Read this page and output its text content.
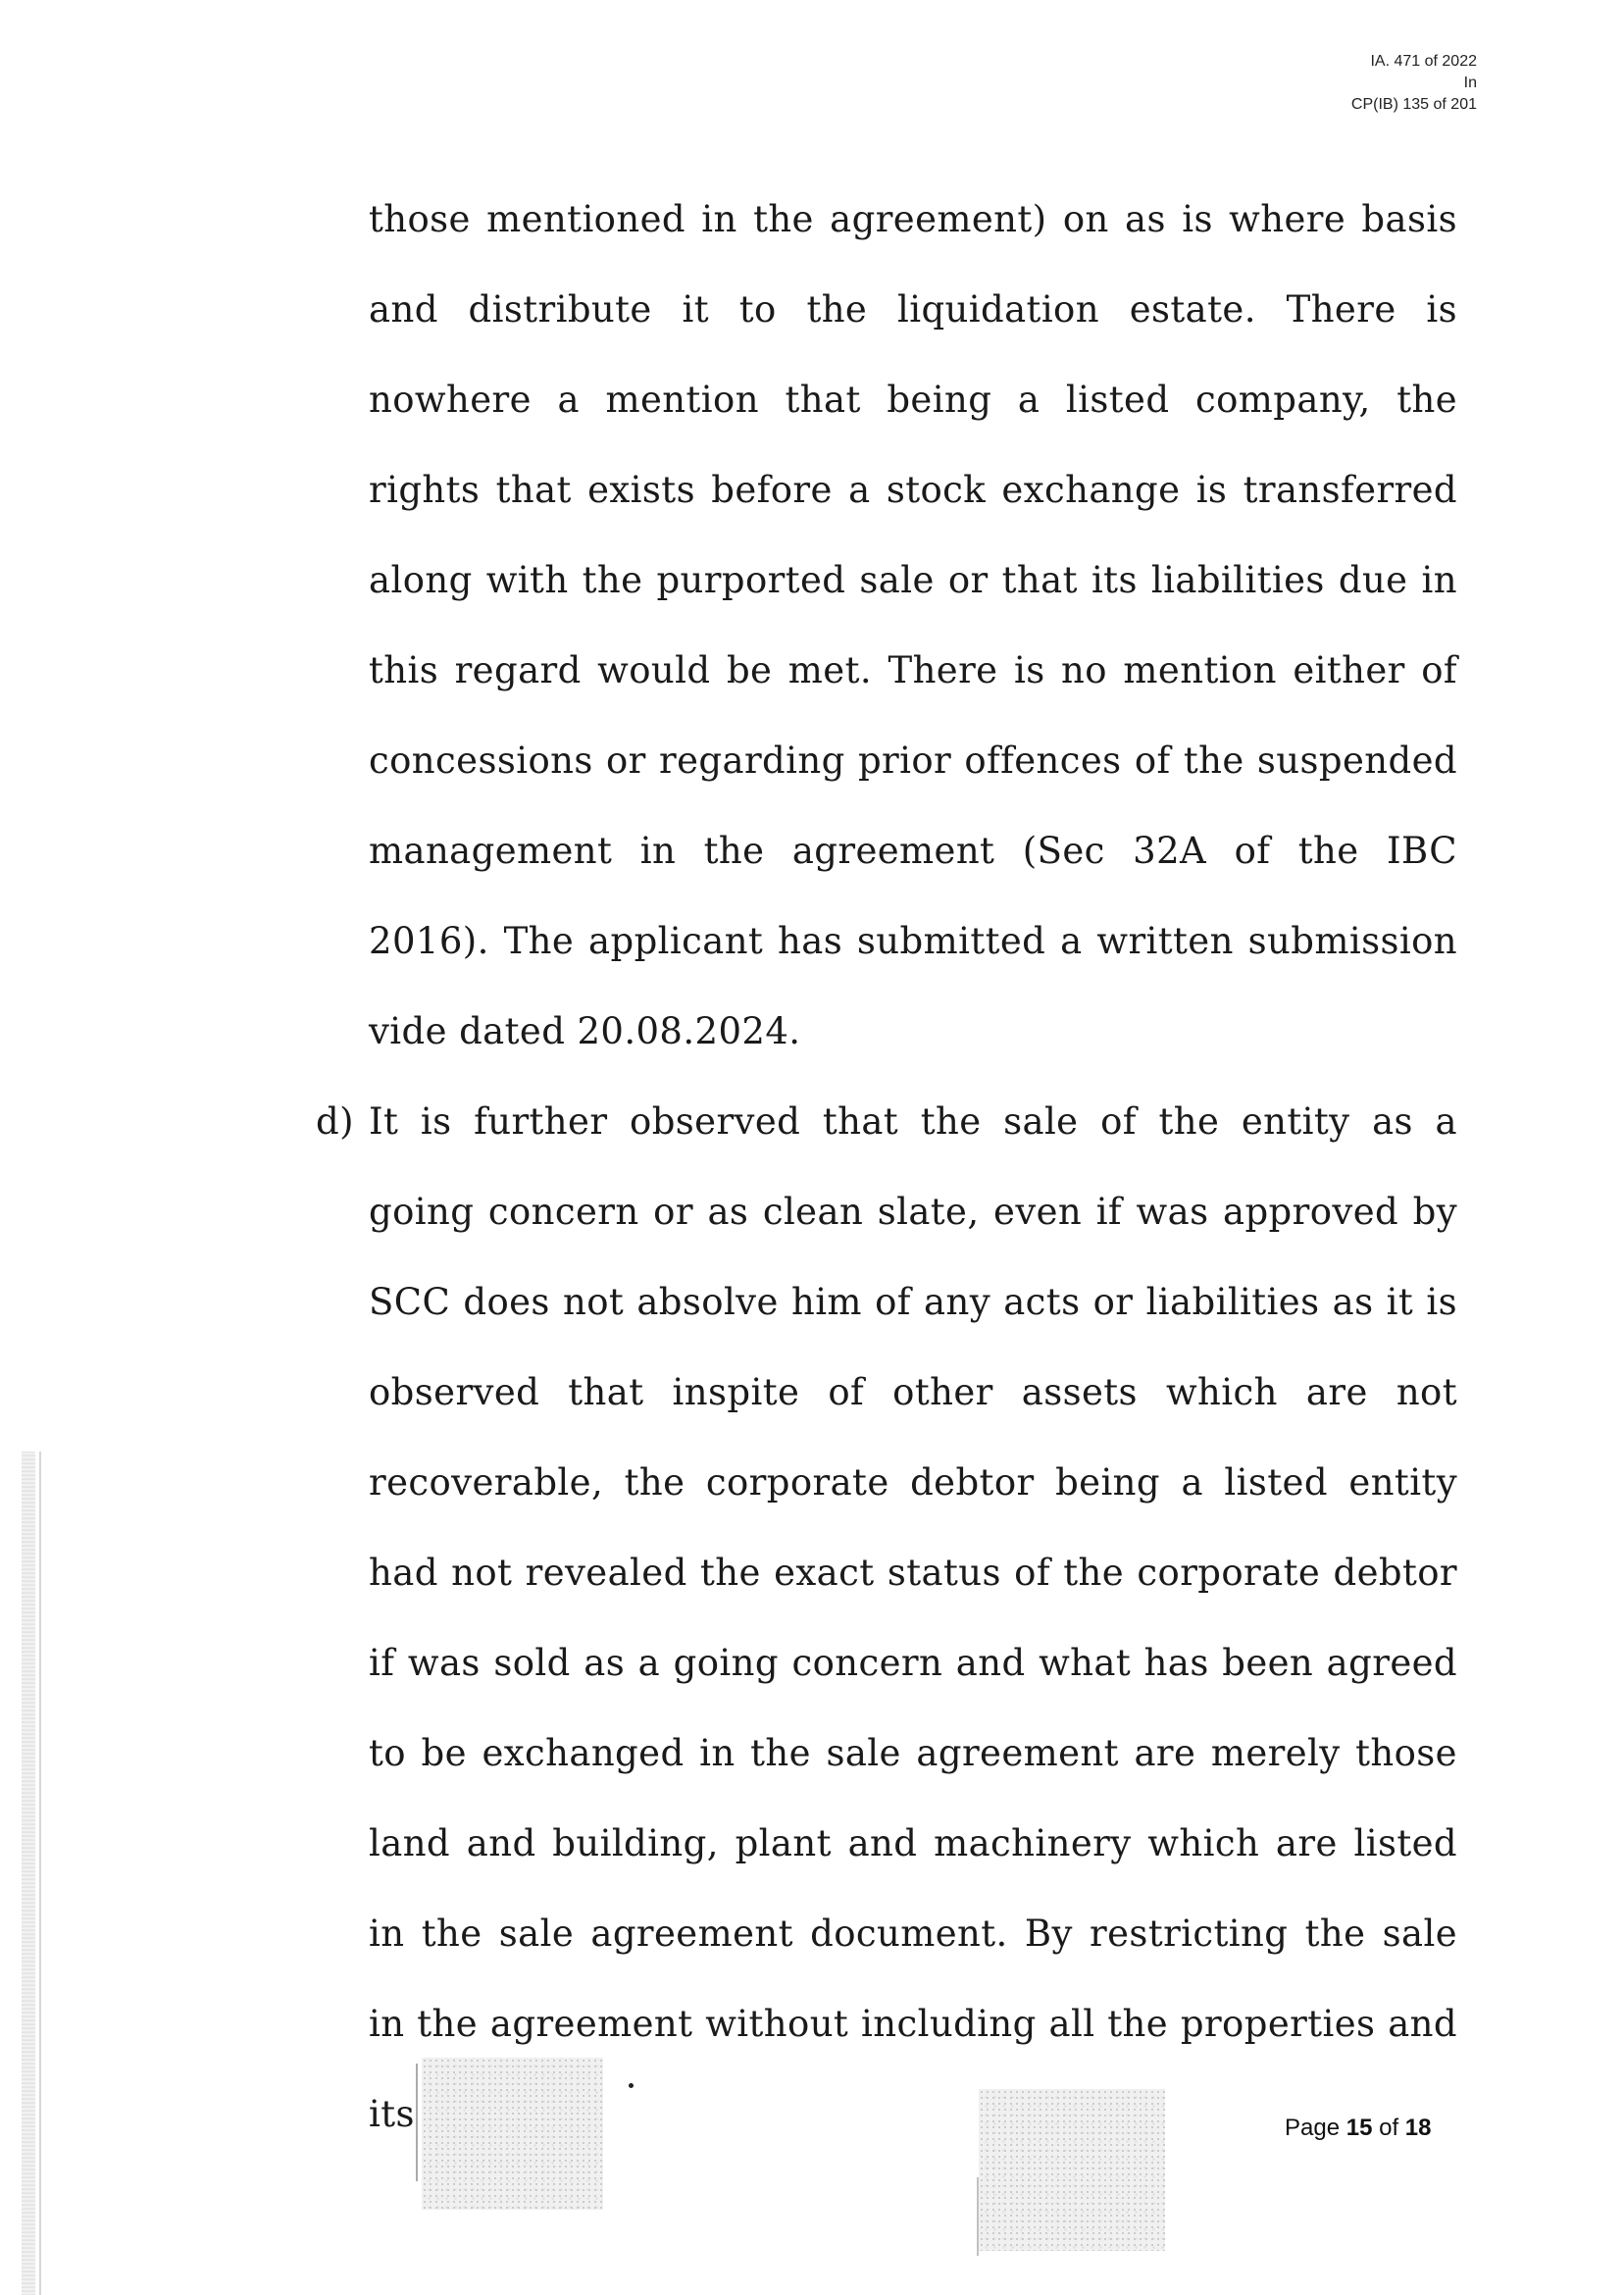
IA. 471 of 2022
In
CP(IB) 135 of 201

those mentioned in the agreement) on as is where basis and distribute it to the liquidation estate. There is nowhere a mention that being a listed company, the rights that exists before a stock exchange is transferred along with the purported sale or that its liabilities due in this regard would be met. There is no mention either of concessions or regarding prior offences of the suspended management in the agreement (Sec 32A of the IBC 2016). The applicant has submitted a written submission vide dated 20.08.2024.

d) It is further observed that the sale of the entity as a going concern or as clean slate, even if was approved by SCC does not absolve him of any acts or liabilities as it is observed that inspite of other assets which are not recoverable, the corporate debtor being a listed entity had not revealed the exact status of the corporate debtor if was sold as a going concern and what has been agreed to be exchanged in the sale agreement are merely those land and building, plant and machinery which are listed in the sale agreement document. By restricting the sale in the agreement without including all the properties and its	Page 15 of 18
